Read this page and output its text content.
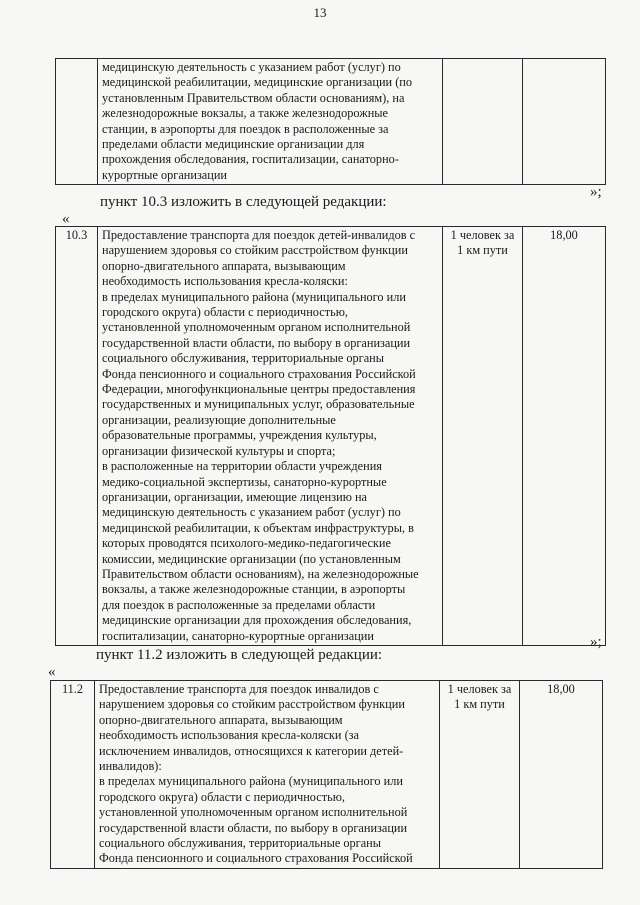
13
	медицинскую деятельность с указанием работ (услуг) по
медицинской реабилитации, медицинские организации (по
установленным Правительством области основаниям), на
железнодорожные вокзалы, а также железнодорожные
станции, в аэропорты для поездок в расположенные за
пределами области медицинские организации для
прохождения обследования, госпитализации, санаторно-
курортные организации		
»;
пункт 10.3 изложить в следующей редакции:
«
10.3	Предоставление транспорта для поездок детей-инвалидов с
нарушением здоровья со стойким расстройством функции
опорно-двигательного аппарата, вызывающим
необходимость использования кресла-коляски:
в пределах муниципального района (муниципального или
городского округа) области с периодичностью,
установленной уполномоченным органом исполнительной
государственной власти области, по выбору в организации
социального обслуживания, территориальные органы
Фонда пенсионного и социального страхования Российской
Федерации, многофункциональные центры предоставления
государственных и муниципальных услуг, образовательные
организации, реализующие дополнительные
образовательные программы, учреждения культуры,
организации физической культуры и спорта;
в расположенные на территории области учреждения
медико-социальной экспертизы, санаторно-курортные
организации, организации, имеющие лицензию на
медицинскую деятельность с указанием работ (услуг) по
медицинской реабилитации, к объектам инфраструктуры, в
которых проводятся психолого-медико-педагогические
комиссии, медицинские организации (по установленным
Правительством области основаниям), на железнодорожные
вокзалы, а также железнодорожные станции, в аэропорты
для поездок в расположенные за пределами области
медицинские организации для прохождения обследования,
госпитализации, санаторно-курортные организации	1 человек за
1 км пути	18,00
»;
пункт 11.2 изложить в следующей редакции:
«
11.2	Предоставление транспорта для поездок инвалидов с
нарушением здоровья со стойким расстройством функции
опорно-двигательного аппарата, вызывающим
необходимость использования кресла-коляски (за
исключением инвалидов, относящихся к категории детей-
инвалидов):
в пределах муниципального района (муниципального или
городского округа) области с периодичностью,
установленной уполномоченным органом исполнительной
государственной власти области, по выбору в организации
социального обслуживания, территориальные органы
Фонда пенсионного и социального страхования Российской	1 человек за
1 км пути	18,00
